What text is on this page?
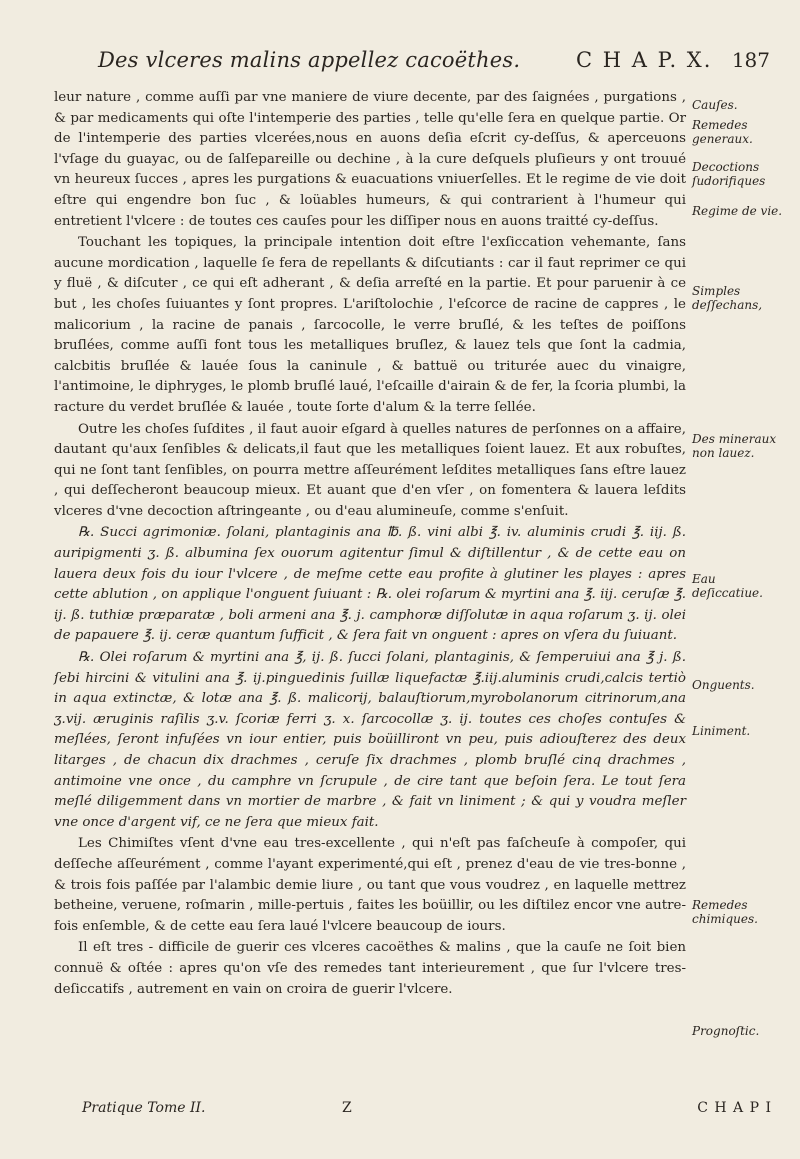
Des vlceres malins appellez cacoëthes.	C H A P. X. 187

leur nature , comme auſſi par vne maniere de viure decente, par des ſaignées , purgations , & par medicaments qui oſte l'intemperie des parties , telle qu'elle ſera en quelque partie. Or de l'intemperie des parties vlcerées,nous en auons deſia eſcrit cy-deſſus, & aperceuons l'vſage du guayac, ou de ſalſepareille ou dechine , à la cure deſquels pluſieurs y ont trouué vn heureux ſucces , apres les purgations & euacuations vniuerſelles. Et le regime de vie doit eſtre qui engendre bon ſuc , & loüables humeurs, & qui contrarient à l'humeur qui entretient l'vlcere : de toutes ces cauſes pour les diſſiper nous en auons traitté cy-deſſus.

Touchant les topiques, la principale intention doit eſtre l'exſiccation vehemante, ſans aucune mordication , laquelle ſe fera de repellants & diſcutiants : car il faut reprimer ce qui y fluë , & diſcuter , ce qui eſt adherant , & deſia arreſté en la partie. Et pour paruenir à ce but , les choſes ſuiuantes y ſont propres. L'ariſtolochie , l'eſcorce de racine de cappres , le malicorium , la racine de panais , ſarcocolle, le verre bruſlé, & les teſtes de poiſſons bruſlées, comme auſſi font tous les metalliques bruſlez, & lauez tels que ſont la cadmia, calcbitis bruſlée & lauée ſous la caninule , & battuë ou triturée auec du vinaigre, l'antimoine, le diphryges, le plomb bruſlé laué, l'eſcaille d'airain & de fer, la ſcoria plumbi, la racture du verdet bruſlée & lauée , toute ſorte d'alum & la terre ſellée.

Outre les choſes ſuſdites , il faut auoir eſgard à quelles natures de perſonnes on a affaire, dautant qu'aux ſenſibles & delicats,il faut que les metalliques ſoient lauez. Et aux robuſtes, qui ne ſont tant ſenſibles, on pourra mettre aſſeurément leſdites metalliques ſans eſtre lauez , qui deſſecheront beaucoup mieux. Et auant que d'en vſer , on fomentera & lauera leſdits vlceres d'vne decoction aſtringeante , ou d'eau alumineuſe, comme s'enſuit.

℞. Succi agrimoniæ. ſolani, plantaginis ana ℔. ß. vini albi ℥. iv. aluminis crudi ℥. iij. ß. auripigmenti ʒ. ß. albumina ſex ouorum agitentur ſimul & diſtillentur , & de cette eau on lauera deux fois du iour l'vlcere , de meſme cette eau profite à glutiner les playes : apres cette ablution , on applique l'onguent ſuiuant : ℞. olei roſarum & myrtini ana ℥. iij. ceruſæ ℥. ij. ß. tuthiæ præparatæ , boli armeni ana ℥. j. camphoræ diſſolutæ in aqua roſarum ʒ. ij. olei de papauere ℥. ij. ceræ quantum ſufficit , & ſera fait vn onguent : apres on vſera du ſuiuant.

℞. Olei roſarum & myrtini ana ℥, ij. ß. ſucci ſolani, plantaginis, & ſemperuiui ana ℥ j. ß. ſebi hircini & vitulini ana ℥. ij.pinguedinis ſuillæ liquefactæ ℥.iij.aluminis crudi,calcis tertiò in aqua extinctæ, & lotæ ana ℥. ß. malicorij, balauſtiorum,myrobolanorum citrinorum,ana ʒ.vij. æruginis raſilis ʒ.v. ſcoriæ ferri ʒ. x. ſarcocollæ ʒ. ij. toutes ces choſes contuſes & meſlées, ſeront infuſées vn iour entier, puis boüilliront vn peu, puis adiouſterez des deux litarges , de chacun dix drachmes , ceruſe ſix drachmes , plomb bruſlé cinq drachmes , antimoine vne once , du camphre vn ſcrupule , de cire tant que beſoin ſera. Le tout ſera meſlé diligemment dans vn mortier de marbre , & fait vn liniment ; & qui y voudra meſler vne once d'argent vif, ce ne ſera que mieux fait.

Les Chimiſtes vſent d'vne eau tres-excellente , qui n'eſt pas faſcheuſe à compoſer, qui deſſeche aſſeurément , comme l'ayant experimenté,qui eſt , prenez d'eau de vie tres-bonne , & trois fois paſſée par l'alambic demie liure , ou tant que vous voudrez , en laquelle mettrez betheine, veruene, roſmarin , mille-pertuis , faites les boüillir, ou les diſtilez encor vne autre-fois enſemble, & de cette eau ſera laué l'vlcere beaucoup de iours.

Il eſt tres - difficile de guerir ces vlceres cacoëthes & malins , que la cauſe ne ſoit bien connuë & oſtée : apres qu'on vſe des remedes tant interieurement , que ſur l'vlcere tres-deſiccatifs , autrement en vain on croira de guerir l'vlcere.

Cauſes.
Remedes generaux.
Decoctions ſudorifiques
Regime de vie.
Simples deſſechans,
Des mineraux non lauez.
Eau deſiccatiue.
Onguents.
Liniment.
Remedes chimiques.
Prognoſtic.
Pratique Tome II.	Z	C H A P I
